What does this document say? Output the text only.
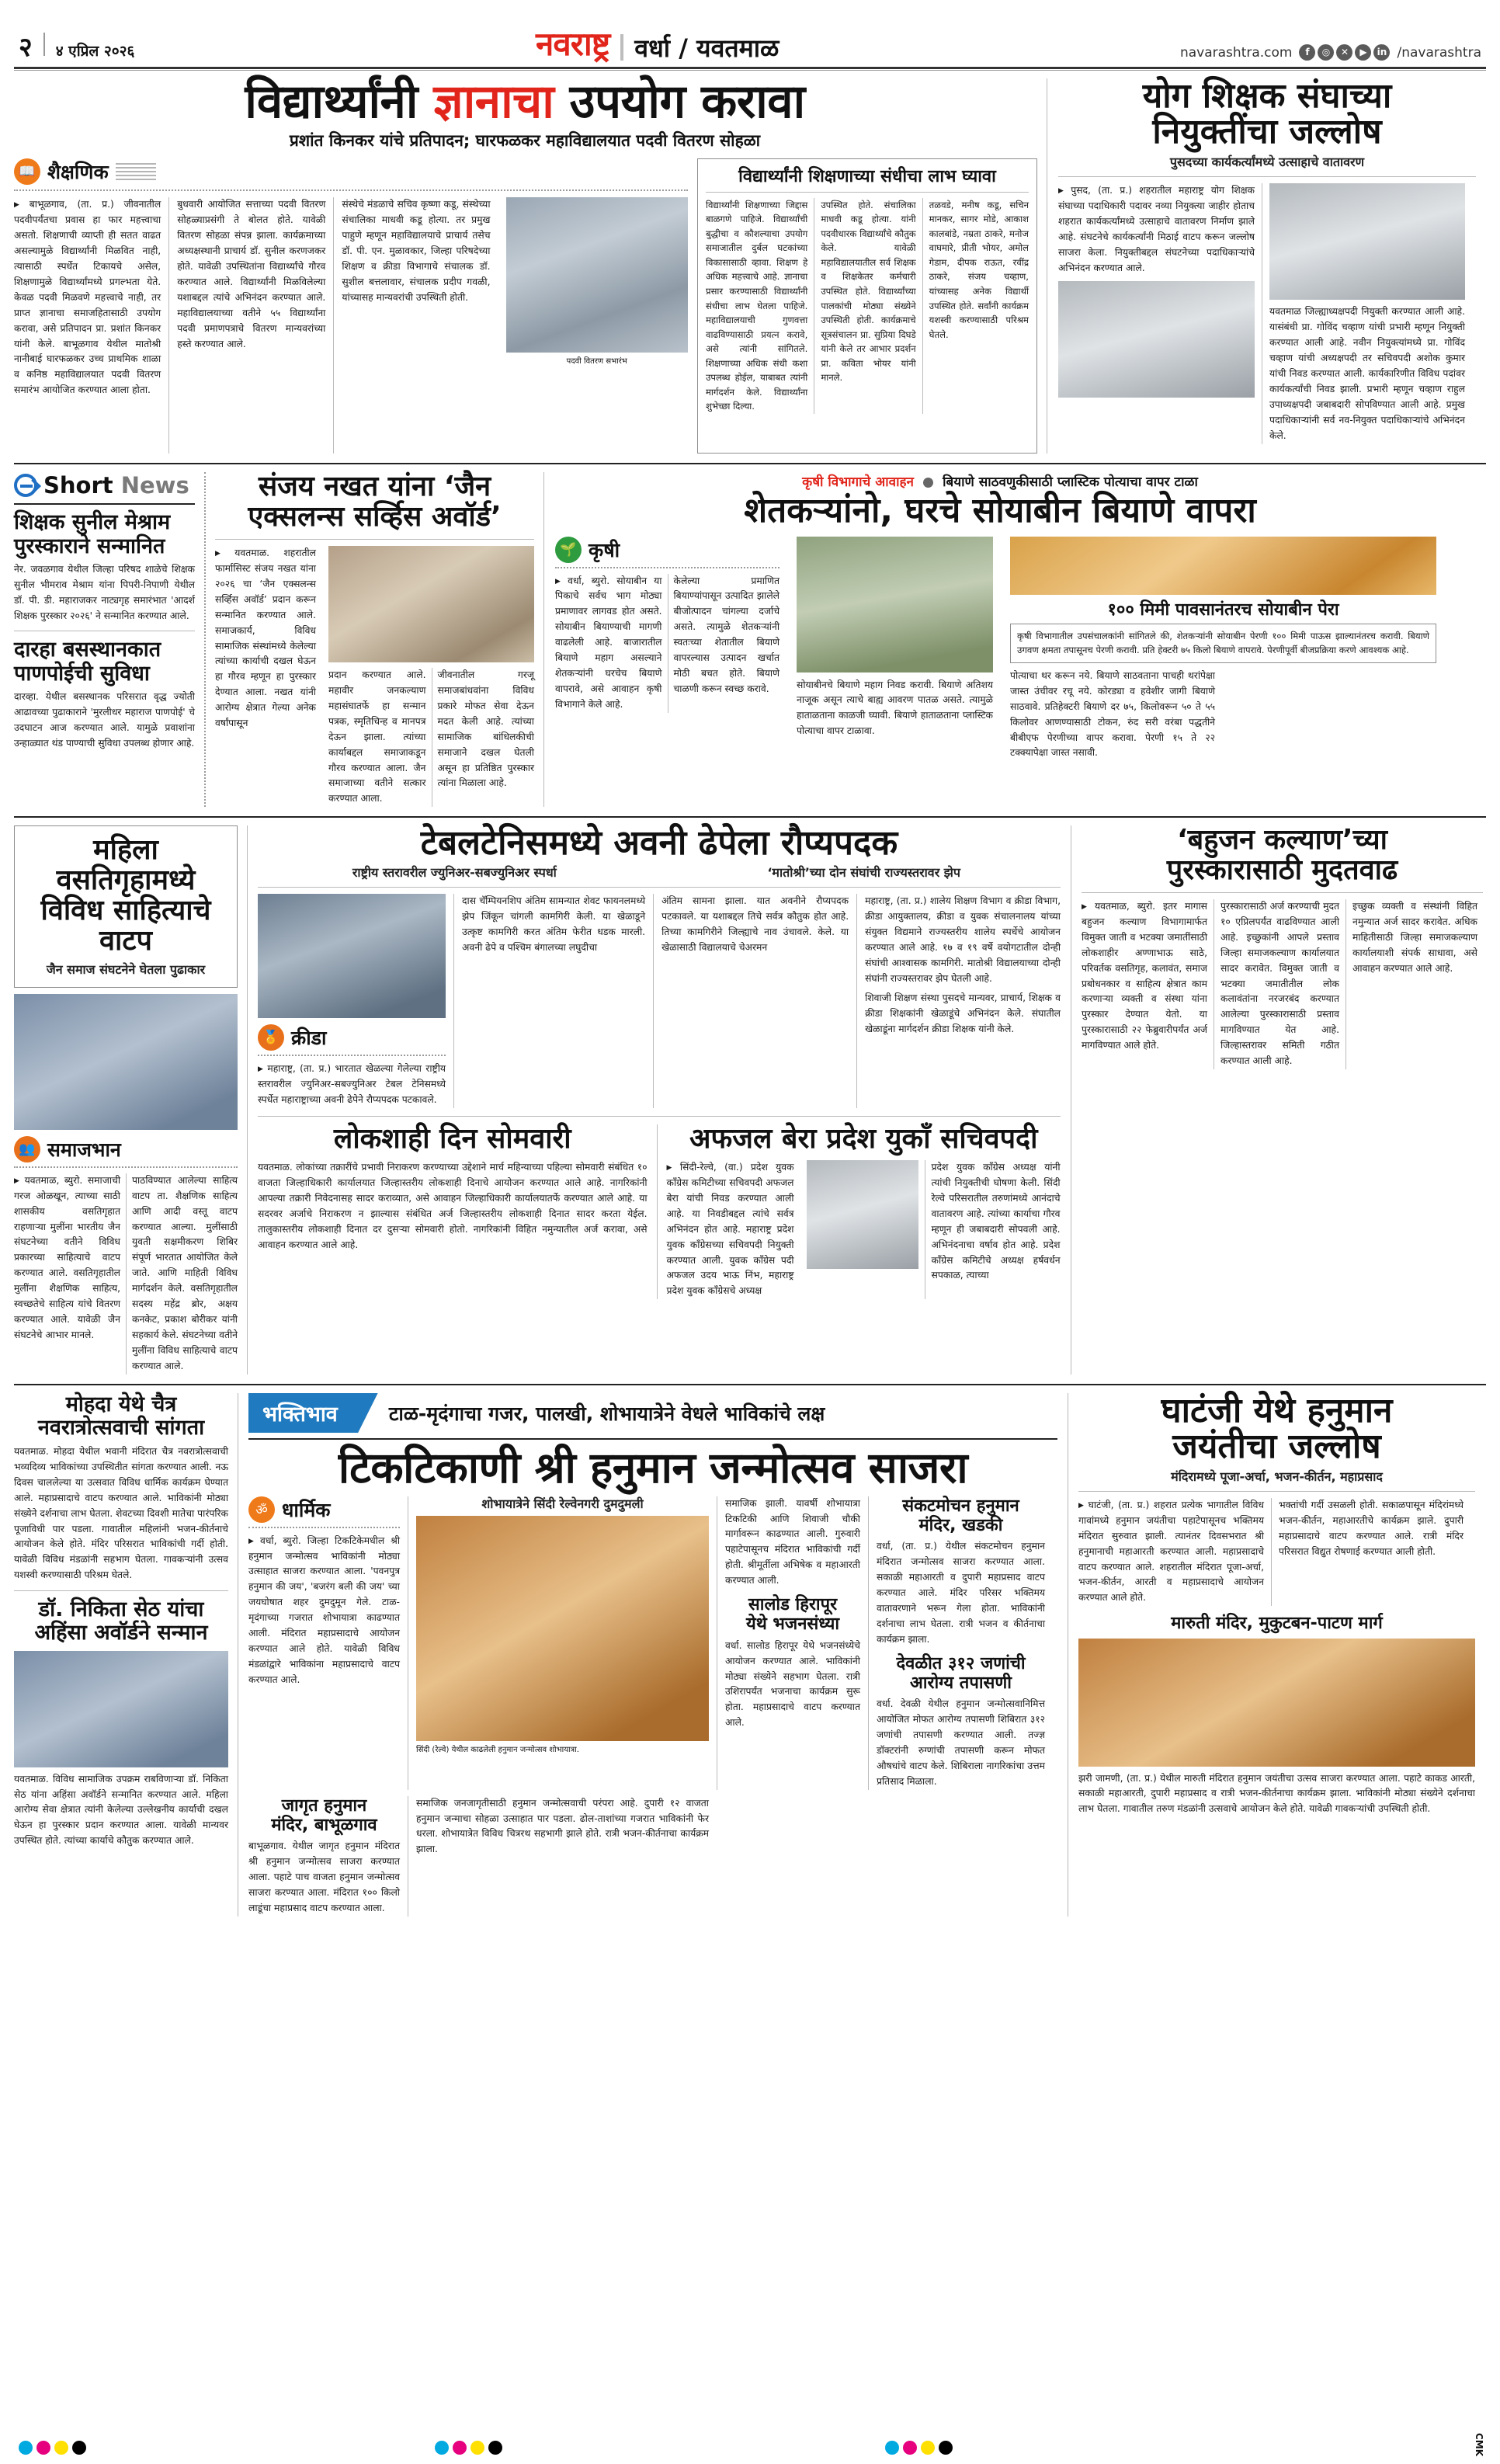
२ ४ एप्रिल २०२६	नवराष्ट्र वर्धा / यवतमाळ	navarashtra.com	f	◎	✕	▶	in /navarashtra
विद्यार्थ्यांनी ज्ञानाचा उपयोग करावा
प्रशांत किनकर यांचे प्रतिपादन; घारफळकर महाविद्यालयात पदवी वितरण सोहळा
📖 शैक्षणिक

▶ बाभूळगाव, (ता. प्र.) जीवनातील पदवीपर्यंतचा प्रवास हा फार महत्त्वाचा असतो. शिक्षणाची व्याप्ती ही सतत वाढत असल्यामुळे विद्यार्थ्यांनी मिळवित नाही, त्यासाठी स्पर्धेत टिकायचे असेल, शिक्षणामुळे विद्यार्थ्यांमध्ये प्रगल्भता येते. केवळ पदवी मिळवणे महत्त्वाचे नाही, तर प्राप्त ज्ञानाचा समाजहितासाठी उपयोग करावा, असे प्रतिपादन प्रा. प्रशांत किनकर यांनी केले. बाभूळगाव येथील मातोश्री नानीबाई घारफळकर उच्च प्राथमिक शाळा व कनिष्ठ महाविद्यालयात पदवी वितरण समारंभ आयोजित करण्यात आला होता.

बुधवारी आयोजित सत्ताच्या पदवी वितरण सोहळ्याप्रसंगी ते बोलत होते. यावेळी वितरण सोहळा संपन्न झाला. कार्यक्रमाच्या अध्यक्षस्थानी प्राचार्य डॉ. सुनील करणजकर होते. यावेळी उपस्थितांना विद्यार्थ्यांचे गौरव करण्यात आले. विद्यार्थ्यांनी मिळविलेल्या यशाबद्दल त्यांचे अभिनंदन करण्यात आले. महाविद्यालयाच्या वतीने ५५ विद्यार्थ्यांना पदवी प्रमाणपत्राचे वितरण मान्यवरांच्या हस्ते करण्यात आले.

संस्थेचे मंडळाचे सचिव कृष्णा कडू, संस्थेच्या संचालिका माधवी कडू होत्या. तर प्रमुख पाहुणे म्हणून महाविद्यालयाचे प्राचार्य तसेच डॉ. पी. एन. मुळावकार, जिल्हा परिषदेच्या शिक्षण व क्रीडा विभागाचे संचालक डॉ. सुशील बत्तलावार, संचालक प्रदीप गवळी, यांच्यासह मान्यवरांची उपस्थिती होती.

पदवी वितरण सभारंभ
विद्यार्थ्यांनी शिक्षणाच्या संधीचा लाभ घ्यावा

विद्यार्थ्यांनी शिक्षणाच्या जिद्दास बाळगणे पाहिजे. विद्यार्थ्यांची बुद्धीचा व कौशल्याचा उपयोग समाजातील दुर्बल घटकांच्या विकासासाठी व्हावा. शिक्षण हे अधिक महत्त्वाचे आहे. ज्ञानाचा प्रसार करण्यासाठी विद्यार्थ्यांनी संधीचा लाभ घेतला पाहिजे. महाविद्यालयाची गुणवत्ता वाढविण्यासाठी प्रयत्न करावे, असे त्यांनी सांगितले. शिक्षणाच्या अधिक संधी कशा उपलब्ध होईल, याबाबत त्यांनी मार्गदर्शन केले. विद्यार्थ्यांना शुभेच्छा दिल्या.

उपस्थित होते. संचालिका माधवी कडू होत्या. यांनी पदवीधारक विद्यार्थ्यांचे कौतुक केले. यावेळी महाविद्यालयातील सर्व शिक्षक व शिक्षकेतर कर्मचारी उपस्थित होते. विद्यार्थ्यांच्या पालकांची मोठ्या संख्येने उपस्थिती होती. कार्यक्रमाचे सूत्रसंचालन प्रा. सुप्रिया दिघडे यांनी केले तर आभार प्रदर्शन प्रा. कविता भोयर यांनी मानले.

तळवडे, मनीष कडू, सचिन मानकर, सागर मोडे, आकाश कालबांडे, नम्रता ठाकरे, मनोज वाघमारे, प्रीती भोयर, अमोल गेडाम, दीपक राऊत, रवींद्र ठाकरे, संजय चव्हाण, यांच्यासह अनेक विद्यार्थी उपस्थित होते. सर्वांनी कार्यक्रम यशस्वी करण्यासाठी परिश्रम घेतले.

योग शिक्षक संघाच्या
नियुक्तींचा जल्लोष
पुसदच्या कार्यकर्त्यांमध्ये उत्साहाचे वातावरण

▶ पुसद, (ता. प्र.) शहरातील महाराष्ट्र योग शिक्षक संघाच्या पदाधिकारी पदावर नव्या नियुक्त्या जाहीर होताच शहरात कार्यकर्त्यांमध्ये उत्साहाचे वातावरण निर्माण झाले आहे. संघटनेचे कार्यकर्त्यांनी मिठाई वाटप करून जल्लोष साजरा केला. नियुक्तीबद्दल संघटनेच्या पदाधिकाऱ्यांचे अभिनंदन करण्यात आले.

यवतमाळ जिल्ह्याध्यक्षपदी नियुक्ती करण्यात आली आहे. यासंबंधी प्रा. गोविंद चव्हाण यांची प्रभारी म्हणून नियुक्ती करण्यात आली आहे. नवीन नियुक्त्यांमध्ये प्रा. गोविंद चव्हाण यांची अध्यक्षपदी तर सचिवपदी अशोक कुमार यांची निवड करण्यात आली. कार्यकारिणीत विविध पदांवर कार्यकर्त्यांची निवड झाली. प्रभारी म्हणून चव्हाण राहुल उपाध्यक्षपदी जबाबदारी सोपविण्यात आली आहे. प्रमुख पदाधिकाऱ्यांनी सर्व नव-नियुक्त पदाधिकाऱ्यांचे अभिनंदन केले.

Short News
शिक्षक सुनील मेश्राम
पुरस्काराने सन्मानित

नेर. जवळगाव येथील जिल्हा परिषद शाळेचे शिक्षक सुनील भीमराव मेश्राम यांना पिपरी-निपाणी येथील डॉ. पी. डी. महाराजकर नाट्यगृह समारंभात 'आदर्श शिक्षक पुरस्कार २०२६' ने सन्मानित करण्यात आले.

दारहा बसस्थानकात
पाणपोईची सुविधा

दारव्हा. येथील बसस्थानक परिसरात वृद्ध ज्योती आढावच्या पुढाकाराने 'मुरलीधर महाराज पाणपोई' चे उदघाटन आज करण्यात आले. यामुळे प्रवाशांना उन्हाळ्यात थंड पाण्याची सुविधा उपलब्ध होणार आहे.

संजय नखत यांना ‘जैन
एक्सलन्स सर्व्हिस अवॉर्ड’

▶ यवतमाळ. शहरातील फार्मासिस्ट संजय नखत यांना २०२६ चा ‘जैन एक्सलन्स सर्व्हिस अवॉर्ड’ प्रदान करून सन्मानित करण्यात आले. समाजकार्य, विविध सामाजिक संस्थांमध्ये केलेल्या त्यांच्या कार्याची दखल घेऊन हा गौरव म्हणून हा पुरस्कार देण्यात आला. नखत यांनी आरोग्य क्षेत्रात गेल्या अनेक वर्षांपासून

प्रदान करण्यात आले. महावीर जनकल्याण महासंघातर्फे हा सन्मान पत्रक, स्मृतिचिन्ह व मानपत्र देऊन झाला. त्यांच्या कार्याबद्दल समाजाकडून गौरव करण्यात आला. जैन समाजाच्या वतीने सत्कार करण्यात आला.

जीवनातील गरजू समाजबांधवांना विविध प्रकारे मोफत सेवा देऊन मदत केली आहे. त्यांच्या सामाजिक बांधिलकीची समाजाने दखल घेतली असून हा प्रतिष्ठित पुरस्कार त्यांना मिळाला आहे.

कृषी विभागाचे आवाहन बियाणे साठवणुकीसाठी प्लास्टिक पोत्याचा वापर टाळा
शेतकऱ्यांनो, घरचे सोयाबीन बियाणे वापरा
🌱 कृषी

▶ वर्धा, ब्युरो. सोयाबीन या पिकाचे सर्वच भाग मोठ्या प्रमाणावर लागवड होत असते. सोयाबीन बियाण्याची मागणी वाढलेली आहे. बाजारातील बियाणे महाग असल्याने शेतकऱ्यांनी घरचेच बियाणे वापरावे, असे आवाहन कृषी विभागाने केले आहे.

केलेल्या प्रमाणित बियाण्यांपासून उत्पादित झालेले बीजोत्पादन चांगल्या दर्जाचे असते. त्यामुळे शेतकऱ्यांनी स्वतःच्या शेतातील बियाणे वापरल्यास उत्पादन खर्चात मोठी बचत होते. बियाणे चाळणी करून स्वच्छ करावे.	सोयाबीनचे बियाणे महाग निवड करावी. बियाणे अतिशय नाजूक असून त्याचे बाह्य आवरण पातळ असते. त्यामुळे हाताळताना काळजी घ्यावी. बियाणे हाताळताना प्लास्टिक पोत्याचा वापर टाळावा.

१०० मिमी पावसानंतरच सोयाबीन पेरा

कृषी विभागातील उपसंचालकांनी सांगितले की, शेतकऱ्यांनी सोयाबीन पेरणी १०० मिमी पाऊस झाल्यानंतरच करावी. बियाणे उगवण क्षमता तपासूनच पेरणी करावी. प्रति हेक्टरी ७५ किलो बियाणे वापरावे. पेरणीपूर्वी बीजप्रक्रिया करणे आवश्यक आहे.

पोत्याचा थर करून नये. बियाणे साठवताना पाचही थरांपेक्षा जास्त उंचीवर रचू नये. कोरड्या व हवेशीर जागी बियाणे साठवावे. प्रतिहेक्टरी बियाणे दर ७५, किलोवरून ५० ते ५५ किलोवर आणण्यासाठी टोकन, रुंद सरी वरंबा पद्धतीने बीबीएफ पेरणीच्या वापर करावा. पेरणी १५ ते २२ टक्क्यापेक्षा जास्त नसावी.

महिला वसतिगृहामध्ये
विविध साहित्याचे वाटप
जैन समाज संघटनेने घेतला पुढाकार
👥 समाजभान

▶ यवतमाळ, ब्युरो. समाजाची गरज ओळखून, त्याच्या साठी शासकीय वसतिगृहात राहणाऱ्या मुलींना भारतीय जैन संघटनेच्या वतीने विविध प्रकारच्या साहित्याचे वाटप करण्यात आले. वसतिगृहातील मुलींना शैक्षणिक साहित्य, स्वच्छतेचे साहित्य यांचे वितरण करण्यात आले. यावेळी जैन संघटनेचे आभार मानले.

पाठविण्यात आलेल्या साहित्य वाटप ता. शैक्षणिक साहित्य आणि आदी वस्तू वाटप करण्यात आल्या. मुलींसाठी युवती सक्षमीकरण शिबिर संपूर्ण भारतात आयोजित केले जाते. आणि माहिती विविध मार्गदर्शन केले. वसतिगृहातील सदस्य महेंद्र ब्रोर, अक्षय कनकेट, प्रकाश बोरीकर यांनी सहकार्य केले. संघटनेच्या वतीने मुलींना विविध साहित्याचे वाटप करण्यात आले.

टेबलटेनिसमध्ये अवनी ढेपेला रौप्यपदक
राष्ट्रीय स्तरावरील ज्युनिअर-सबज्युनिअर स्पर्धा	‘मातोश्री’च्या दोन संघांची राज्यस्तरावर झेप
🏅 क्रीडा

▶ महाराष्ट्र, (ता. प्र.) भारतात खेळल्या गेलेल्या राष्ट्रीय स्तरावरील ज्युनिअर-सबज्युनिअर टेबल टेनिसमध्ये स्पर्धेत महाराष्ट्राच्या अवनी ढेपेने रौप्यपदक पटकावले.

दास चॅम्पियनशिप अंतिम सामन्यात शेवट फायनलमध्ये झेप जिंकून चांगली कामगिरी केली. या खेळाडूने उत्कृष्ट कामगिरी करत अंतिम फेरीत धडक मारली. अवनी ढेपे व पश्चिम बंगालच्या लघुदीचा

अंतिम सामना झाला. यात अवनीने रौप्यपदक पटकावले. या यशाबद्दल तिचे सर्वत्र कौतुक होत आहे. तिच्या कामगिरीने जिल्ह्याचे नाव उंचावले. केले. या खेळासाठी विद्यालयाचे चेअरमन

महाराष्ट्र, (ता. प्र.) शालेय शिक्षण विभाग व क्रीडा विभाग, क्रीडा आयुक्तालय, क्रीडा व युवक संचालनालय यांच्या संयुक्त विद्यमाने राज्यस्तरीय शालेय स्पर्धेचे आयोजन करण्यात आले आहे. १७ व १९ वर्षे वयोगटातील दोन्ही संघांची आश्वासक कामगिरी. मातोश्री विद्यालयाच्या दोन्ही संघांनी राज्यस्तरावर झेप घेतली आहे.

शिवाजी शिक्षण संस्था पुसदचे मान्यवर, प्राचार्य, शिक्षक व क्रीडा शिक्षकांनी खेळाडूंचे अभिनंदन केले. संघातील खेळाडूंना मार्गदर्शन क्रीडा शिक्षक यांनी केले.

लोकशाही दिन सोमवारी

यवतमाळ. लोकांच्या तक्रारींचे प्रभावी निराकरण करण्याच्या उद्देशाने मार्च महिन्याच्या पहिल्या सोमवारी संबंधित १० वाजता जिल्हाधिकारी कार्यालयात जिल्हास्तरीय लोकशाही दिनाचे आयोजन करण्यात आले आहे. नागरिकांनी आपल्या तक्रारी निवेदनासह सादर कराव्यात, असे आवाहन जिल्हाधिकारी कार्यालयातर्फे करण्यात आले आहे. या सदरवर अर्जाचे निराकरण न झाल्यास संबंधित अर्ज जिल्हास्तरीय लोकशाही दिनात सादर करता येईल. तालुकास्तरीय लोकशाही दिनात दर दुसऱ्या सोमवारी होतो. नागरिकांनी विहित नमुन्यातील अर्ज करावा, असे आवाहन करण्यात आले आहे.

अफजल बेरा प्रदेश युकाँ सचिवपदी

▶ सिंदी-रेल्वे, (वा.) प्रदेश युवक काँग्रेस कमिटीच्या सचिवपदी अफजल बेरा यांची निवड करण्यात आली आहे. या निवडीबद्दल त्यांचे सर्वत्र अभिनंदन होत आहे. महाराष्ट्र प्रदेश युवक काँग्रेसच्या सचिवपदी नियुक्ती करण्यात आली. युवक काँग्रेस पदी अफजल उदय भाऊ निंभ, महाराष्ट्र प्रदेश युवक काँग्रेसचे अध्यक्ष

प्रदेश युवक काँग्रेस अध्यक्ष यांनी त्यांची नियुक्तीची घोषणा केली. सिंदी रेल्वे परिसरातील तरुणांमध्ये आनंदाचे वातावरण आहे. त्यांच्या कार्याचा गौरव म्हणून ही जबाबदारी सोपवली आहे. अभिनंदनाचा वर्षाव होत आहे. प्रदेश काँग्रेस कमिटीचे अध्यक्ष हर्षवर्धन सपकाळ, त्याच्या

‘बहुजन कल्याण’च्या
पुरस्कारासाठी मुदतवाढ

▶ यवतमाळ, ब्युरो. इतर मागास बहुजन कल्याण विभागामार्फत विमुक्त जाती व भटक्या जमातींसाठी लोकशाहीर अण्णाभाऊ साठे, परिवर्तक वसतिगृह, कलावंत, समाज प्रबोधनकार व साहित्य क्षेत्रात काम करणाऱ्या व्यक्ती व संस्था यांना पुरस्कार देण्यात येतो. या पुरस्कारासाठी २२ फेब्रुवारीपर्यंत अर्ज मागविण्यात आले होते.

पुरस्कारासाठी अर्ज करण्याची मुदत १० एप्रिलपर्यंत वाढविण्यात आली आहे. इच्छुकांनी आपले प्रस्ताव जिल्हा समाजकल्याण कार्यालयात सादर करावेत. विमुक्त जाती व भटक्या जमातीतील लोक कलावंतांना नरजरबंद करण्यात आलेल्या पुरस्कारासाठी प्रस्ताव मागविण्यात येत आहे. जिल्हास्तरावर समिती गठीत करण्यात आली आहे.

इच्छुक व्यक्ती व संस्थांनी विहित नमुन्यात अर्ज सादर करावेत. अधिक माहितीसाठी जिल्हा समाजकल्याण कार्यालयाशी संपर्क साधावा, असे आवाहन करण्यात आले आहे.

मोहदा येथे चैत्र
नवरात्रोत्सवाची सांगता

यवतमाळ. मोहदा येथील भवानी मंदिरात चैत्र नवरात्रोत्सवाची भव्यदिव्य भाविकांच्या उपस्थितीत सांगता करण्यात आली. नऊ दिवस चाललेल्या या उत्सवात विविध धार्मिक कार्यक्रम घेण्यात आले. महाप्रसादाचे वाटप करण्यात आले. भाविकांनी मोठ्या संख्येने दर्शनाचा लाभ घेतला. शेवटच्या दिवशी मातेचा पारंपरिक पूजाविधी पार पडला. गावातील महिलांनी भजन-कीर्तनाचे आयोजन केले होते. मंदिर परिसरात भाविकांची गर्दी होती. यावेळी विविध मंडळांनी सहभाग घेतला. गावकऱ्यांनी उत्सव यशस्वी करण्यासाठी परिश्रम घेतले.

डॉ. निकिता सेठ यांचा
अहिंसा अवॉर्डने सन्मान

यवतमाळ. विविध सामाजिक उपक्रम राबविणाऱ्या डॉ. निकिता सेठ यांना अहिंसा अवॉर्डने सन्मानित करण्यात आले. महिला आरोग्य सेवा क्षेत्रात त्यांनी केलेल्या उल्लेखनीय कार्याची दखल घेऊन हा पुरस्कार प्रदान करण्यात आला. यावेळी मान्यवर उपस्थित होते. त्यांच्या कार्याचे कौतुक करण्यात आले.

भक्तिभाव	टाळ-मृदंगाचा गजर, पालखी, शोभायात्रेने वेधले भाविकांचे लक्ष
टिकटिकाणी श्री हनुमान जन्मोत्सव साजरा
ॐ धार्मिक

▶ वर्धा, ब्युरो. जिल्हा टिकटिकेमधील श्री हनुमान जन्मोत्सव भाविकांनी मोठ्या उत्साहात साजरा करण्यात आला. 'पवनपुत्र हनुमान की जय', 'बजरंग बली की जय' च्या जयघोषात शहर दुमदुमून गेले. टाळ-मृदंगाच्या गजरात शोभायात्रा काढण्यात आली. मंदिरात महाप्रसादाचे आयोजन करण्यात आले होते. यावेळी विविध मंडळांद्वारे भाविकांना महाप्रसादाचे वाटप करण्यात आले.

शोभायात्रेने सिंदी रेल्वेनगरी दुमदुमली
सिंदी (रेल्वे) येथील काढलेली हनुमान जन्मोत्सव शोभायात्रा.

समाजिक झाली. यावर्षी शोभायात्रा टिकटिकी आणि शिवाजी चौकी मार्गावरून काढण्यात आली. गुरुवारी पहाटेपासूनच मंदिरात भाविकांची गर्दी होती. श्रीमूर्तीला अभिषेक व महाआरती करण्यात आली.

सालोड हिरापूर
येथे भजनसंध्या

वर्धा. सालोड हिरापूर येथे भजनसंध्येचे आयोजन करण्यात आले. भाविकांनी मोठ्या संख्येने सहभाग घेतला. रात्री उशिरापर्यंत भजनाचा कार्यक्रम सुरू होता. महाप्रसादाचे वाटप करण्यात आले.

संकटमोचन हनुमान
मंदिर, खडकी

वर्धा, (ता. प्र.) येथील संकटमोचन हनुमान मंदिरात जन्मोत्सव साजरा करण्यात आला. सकाळी महाआरती व दुपारी महाप्रसाद वाटप करण्यात आले. मंदिर परिसर भक्तिमय वातावरणाने भरून गेला होता. भाविकांनी दर्शनाचा लाभ घेतला. रात्री भजन व कीर्तनाचा कार्यक्रम झाला.

देवळीत ३१२ जणांची आरोग्य तपासणी

वर्धा. देवळी येथील हनुमान जन्मोत्सवानिमित्त आयोजित मोफत आरोग्य तपासणी शिबिरात ३१२ जणांची तपासणी करण्यात आली. तज्ज्ञ डॉक्टरांनी रुग्णांची तपासणी करून मोफत औषधांचे वाटप केले. शिबिराला नागरिकांचा उत्तम प्रतिसाद मिळाला.

जागृत हनुमान
मंदिर, बाभूळगाव

बाभूळगाव. येथील जागृत हनुमान मंदिरात श्री हनुमान जन्मोत्सव साजरा करण्यात आला. पहाटे पाच वाजता हनुमान जन्मोत्सव साजरा करण्यात आला. मंदिरात १०० किलो लाडूंचा महाप्रसाद वाटप करण्यात आला.

समाजिक जनजागृतीसाठी हनुमान जन्मोत्सवाची परंपरा आहे. दुपारी १२ वाजता हनुमान जन्माचा सोहळा उत्साहात पार पडला. ढोल-ताशांच्या गजरात भाविकांनी फेर धरला. शोभायात्रेत विविध चित्ररथ सहभागी झाले होते. रात्री भजन-कीर्तनाचा कार्यक्रम झाला.

घाटंजी येथे हनुमान
जयंतीचा जल्लोष
मंदिरामध्ये पूजा-अर्चा, भजन-कीर्तन, महाप्रसाद

▶ घाटंजी, (ता. प्र.) शहरात प्रत्येक भागातील विविध गावांमध्ये हनुमान जयंतीचा पहाटेपासूनच भक्तिमय मंदिरात सुरुवात झाली. त्यानंतर दिवसभरात श्री हनुमानाची महाआरती करण्यात आली. महाप्रसादाचे वाटप करण्यात आले. शहरातील मंदिरात पूजा-अर्चा, भजन-कीर्तन, आरती व महाप्रसादाचे आयोजन करण्यात आले होते.

भक्तांची गर्दी उसळली होती. सकाळपासून मंदिरांमध्ये भजन-कीर्तन, महाआरतीचे कार्यक्रम झाले. दुपारी महाप्रसादाचे वाटप करण्यात आले. रात्री मंदिर परिसरात विद्युत रोषणाई करण्यात आली होती.

मारुती मंदिर, मुकुटबन-पाटण मार्ग

झरी जामणी, (ता. प्र.) येथील मारुती मंदिरात हनुमान जयंतीचा उत्सव साजरा करण्यात आला. पहाटे काकड आरती, सकाळी महाआरती, दुपारी महाप्रसाद व रात्री भजन-कीर्तनाचा कार्यक्रम झाला. भाविकांनी मोठ्या संख्येने दर्शनाचा लाभ घेतला. गावातील तरुण मंडळांनी उत्सवाचे आयोजन केले होते. यावेळी गावकऱ्यांची उपस्थिती होती.

CMK
